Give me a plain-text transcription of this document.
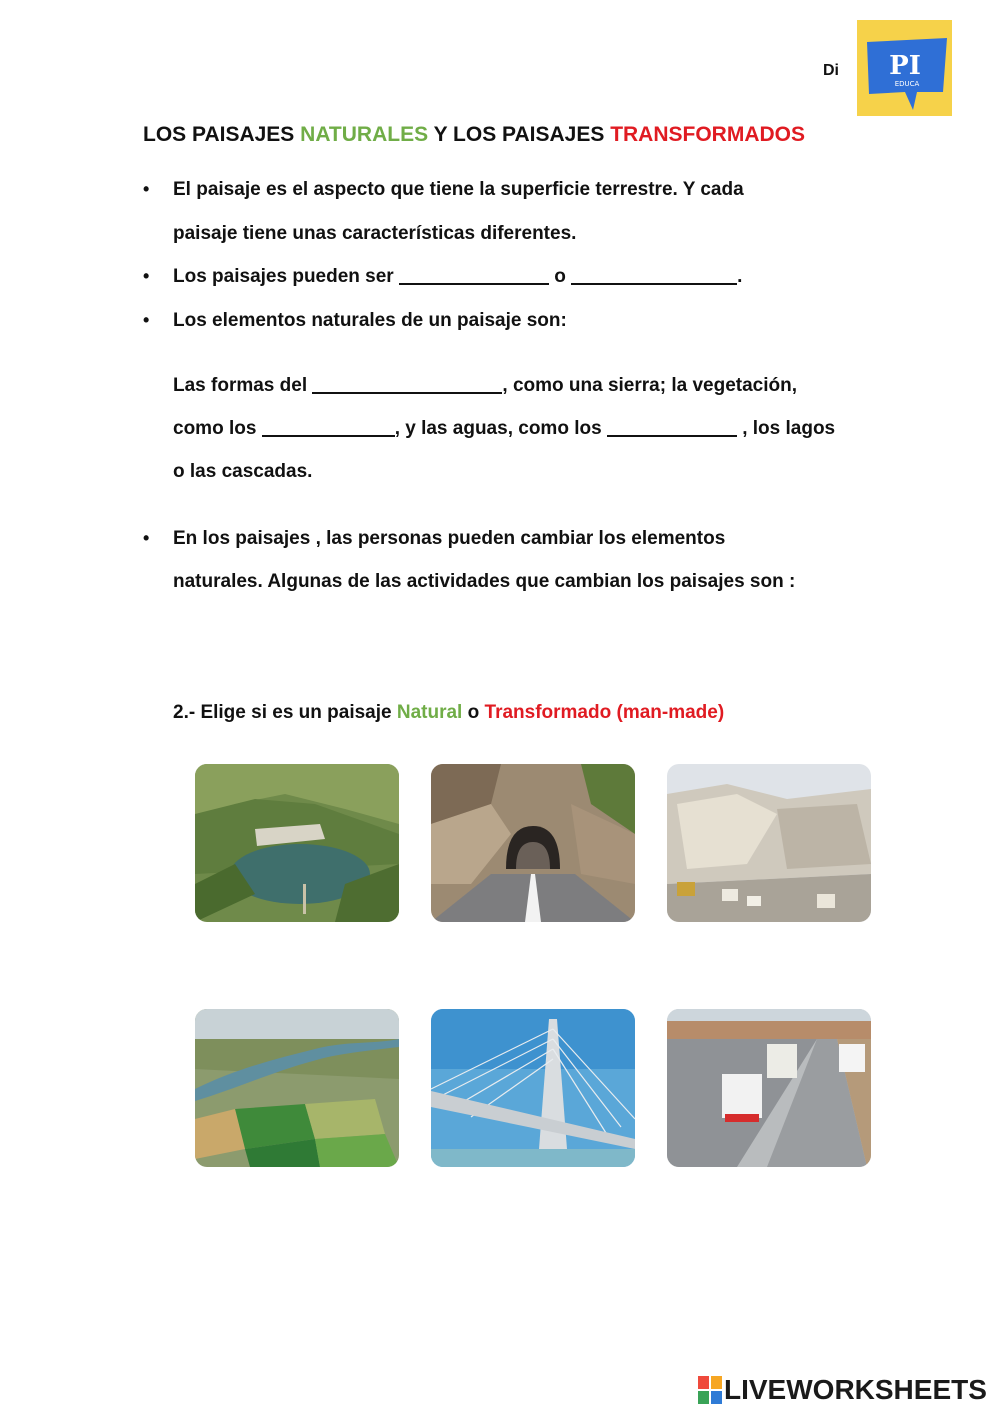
Di PI
EDUCA
LOS PAISAJES NATURALES Y LOS PAISAJES TRANSFORMADOS
• El paisaje es el aspecto que tiene la superficie terrestre. Y cada
paisaje tiene unas características diferentes.
• Los paisajes pueden ser	o	.
• Los elementos naturales de un paisaje son:
Las formas del	, como una sierra; la vegetación,
como los	, y las aguas, como los	, los lagos
o las cascadas.
• En los paisajes , las personas pueden cambiar los elementos
naturales. Algunas de las actividades que cambian los paisajes son :
2.- Elige si es un paisaje Natural o Transformado (man-made)
LIVEWORKSHEETS
